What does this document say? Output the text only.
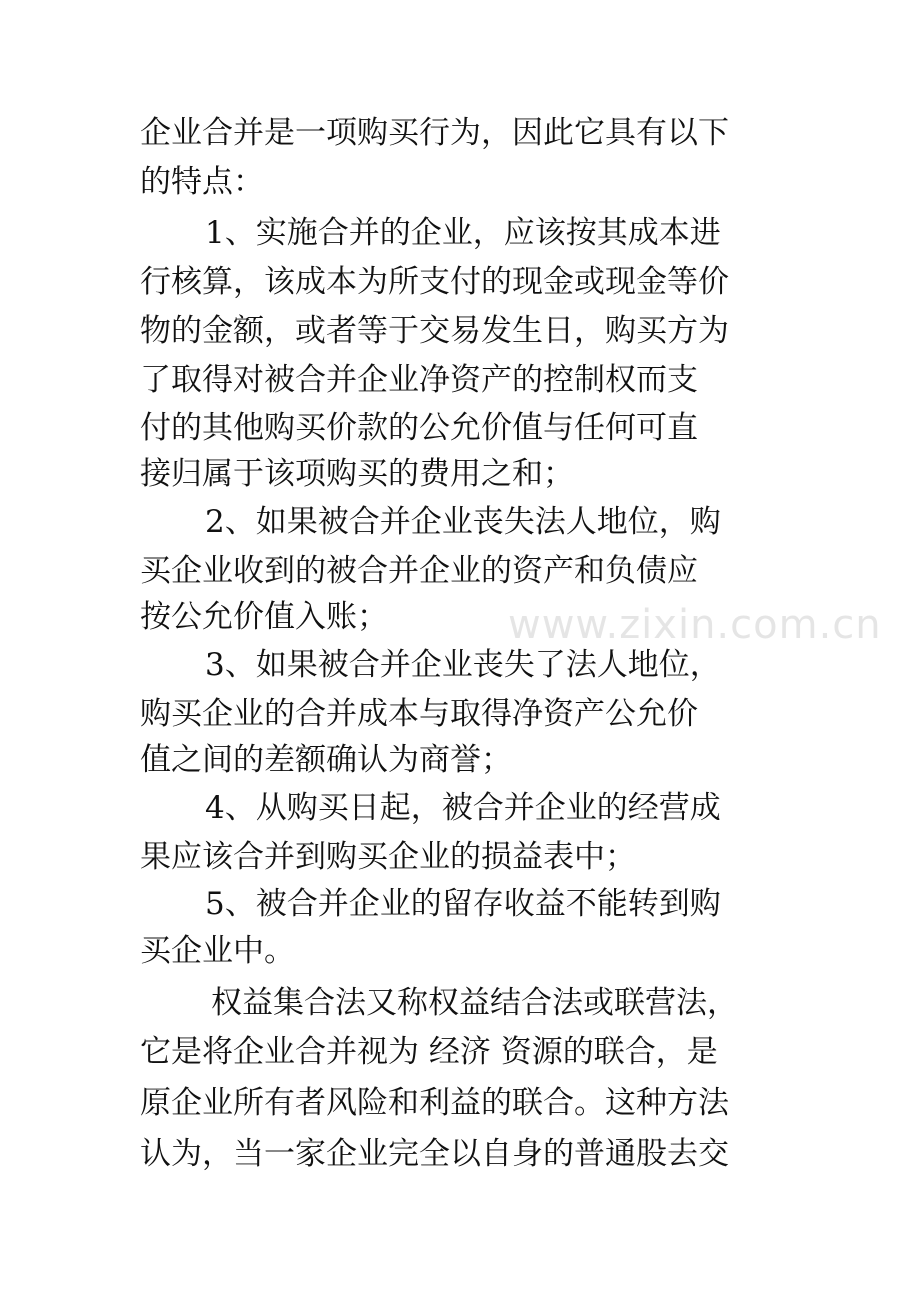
企业合并是一项购买行为，因此它具有以下
的特点：
1、实施合并的企业，应该按其成本进
行核算，该成本为所支付的现金或现金等价
物的金额，或者等于交易发生日，购买方为
了取得对被合并企业净资产的控制权而支
付的其他购买价款的公允价值与任何可直
接归属于该项购买的费用之和；
2、如果被合并企业丧失法人地位，购
买企业收到的被合并企业的资产和负债应
按公允价值入账；
3、如果被合并企业丧失了法人地位，
购买企业的合并成本与取得净资产公允价
值之间的差额确认为商誉；
4、从购买日起，被合并企业的经营成
果应该合并到购买企业的损益表中；
5、被合并企业的留存收益不能转到购
买企业中。
权益集合法又称权益结合法或联营法，
它是将企业合并视为 经济 资源的联合，是
原企业所有者风险和利益的联合。这种方法
认为，当一家企业完全以自身的普通股去交
www.zixin.com.cn
